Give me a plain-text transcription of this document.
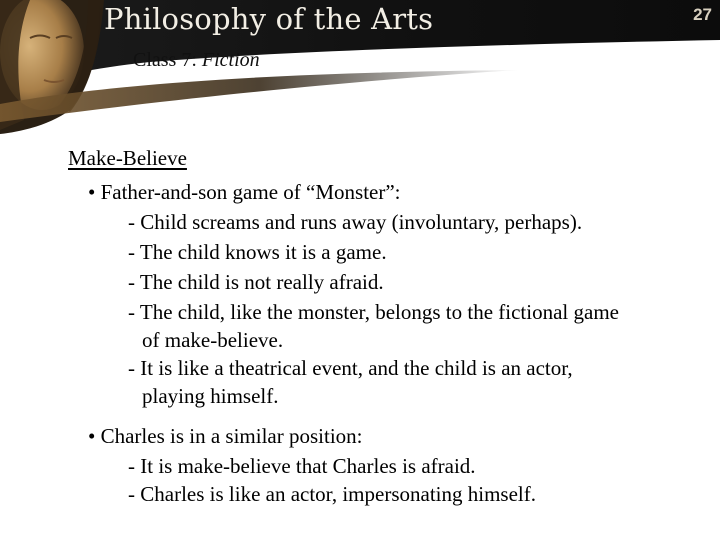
Philosophy of the Arts	27
Class 7: Fiction
Make-Believe
• Father-and-son game of “Monster”:
- Child screams and runs away (involuntary, perhaps).
- The child knows it is a game.
- The child is not really afraid.
- The child, like the monster, belongs to the fictional game
of make-believe.
- It is like a theatrical event, and the child is an actor,
playing himself.
• Charles is in a similar position:
- It is make-believe that Charles is afraid.
- Charles is like an actor, impersonating himself.
